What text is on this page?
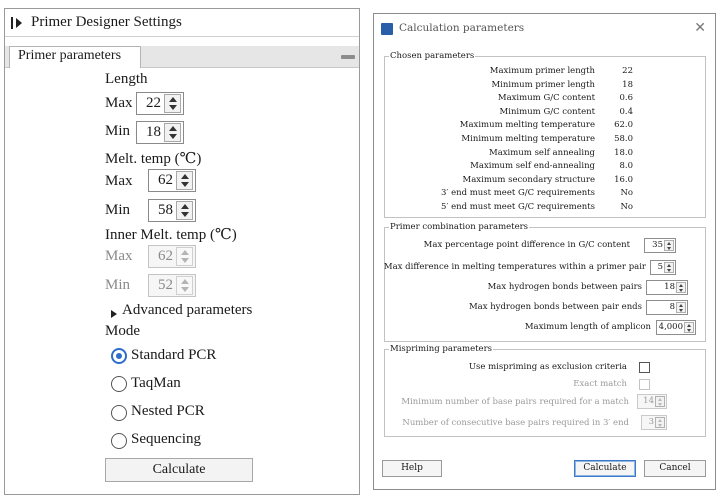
Primer Designer Settings
Primer parameters
Length
Max 22
Min 18
Melt. temp (℃)
Max 62
Min 58
Inner Melt. temp (℃)
Max 62
Min 52
Advanced parameters
Mode
Standard PCR
TaqMan
Nested PCR
Sequencing
Calculate
Calculation parameters	✕
Chosen parameters
Primer combination parameters
Max percentage point difference in G/C content	35
Max difference in melting temperatures within a primer pair 5
Max hydrogen bonds between pairs	18
Max hydrogen bonds between pair ends	8
Maximum length of amplicon 4,000
Mispriming parameters
Use mispriming as exclusion criteria
Exact match
Minimum number of base pairs required for a match 14
Number of consecutive base pairs required in 3′ end 3
Help	Calculate	Cancel
Maximum primer length	22
Minimum primer length	18
Maximum G/C content	0.6
Minimum G/C content	0.4
Maximum melting temperature 62.0
Minimum melting temperature 58.0
Maximum self annealing 18.0
Maximum self end-annealing	8.0
Maximum secondary structure 16.0
3′ end must meet G/C requirements	No
5′ end must meet G/C requirements	No
